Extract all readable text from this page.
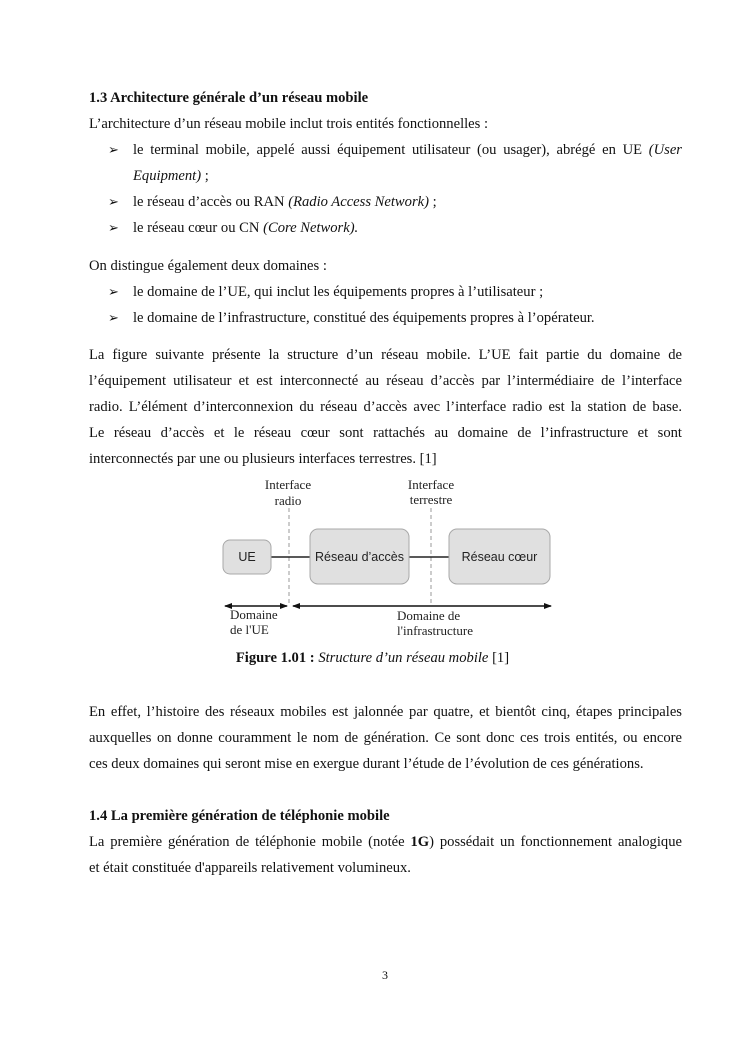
1.3 Architecture générale d’un réseau mobile
L’architecture d’un réseau mobile inclut trois entités fonctionnelles :
➢ le terminal mobile, appelé aussi équipement utilisateur (ou usager), abrégé en UE (User Equipment) ;
➢ le réseau d’accès ou RAN (Radio Access Network) ;
➢ le réseau cœur ou CN (Core Network).
On distingue également deux domaines :
➢ le domaine de l’UE, qui inclut les équipements propres à l’utilisateur ;
➢ le domaine de l’infrastructure, constitué des équipements propres à l’opérateur.
La figure suivante présente la structure d’un réseau mobile. L’UE fait partie du domaine de
l’équipement utilisateur et est interconnecté au réseau d’accès par l’intermédiaire de l’interface
radio. L’élément d’interconnexion du réseau d’accès avec l’interface radio est la station de base.
Le réseau d’accès et le réseau cœur sont rattachés au domaine de l’infrastructure et sont
interconnectés par une ou plusieurs interfaces terrestres. [1]
Interface
radio
Interface
terrestre
UE	Réseau d’accès	Réseau cœur
Domaine
de l'UE
Domaine de
l'infrastructure
Figure 1.01 : Structure d’un réseau mobile [1]
En effet, l’histoire des réseaux mobiles est jalonnée par quatre, et bientôt cinq, étapes principales
auxquelles on donne couramment le nom de génération. Ce sont donc ces trois entités, ou encore
ces deux domaines qui seront mise en exergue durant l’étude de l’évolution de ces générations.
1.4 La première génération de téléphonie mobile
La première génération de téléphonie mobile (notée 1G) possédait un fonctionnement analogique
et était constituée d'appareils relativement volumineux.
3
